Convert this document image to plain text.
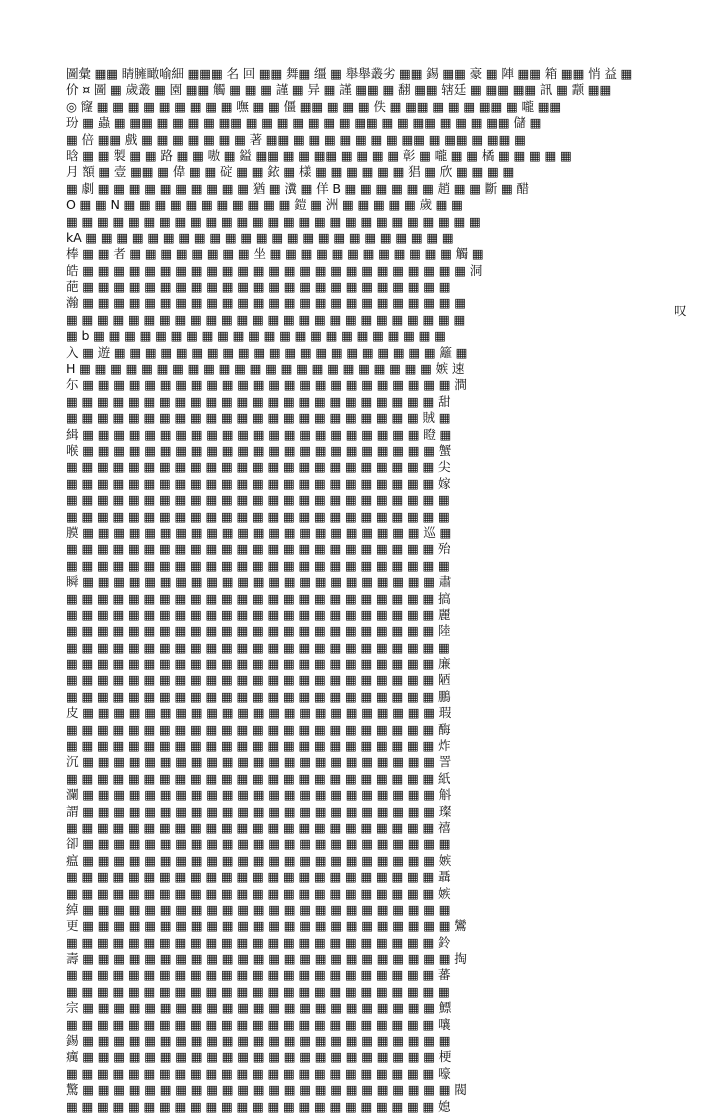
圖彙 ▦▦ 睛臃瞰喻細 ▦▦▦ 名 回 ▦▦ 舞▦ 缰 ▦ 舉舉叢劣 ▦▦ 錫 ▦▦ 豪 ▦ 陣 ▦▦ 箱 ▦▦ 悄 益 ▦
价 ¤ 圖 ▦ 歲叢 ▦ 園 ▦▦ 觸 ▦ ▦ ▦ 謹 ▦ 异 ▦ 謹 ▦▦ ▦ 翻 ▦▦ 辖廷 ▦ ▦▦ ▦▦ 訊 ▦ 颥 ▦▦
◎ 窿 ▦ ▦ ▦ ▦ ▦ ▦ ▦ ▦ ▦ 嘸 ▦ ▦ 僵 ▦▦ ▦ ▦ ▦ 佚 ▦ ▦▦ ▦ ▦ ▦ ▦▦ ▦ 嚨 ▦▦
玢 ▦ 蟲 ▦ ▦▦ ▦ ▦ ▦ ▦ ▦▦ ▦ ▦ ▦ ▦ ▦ ▦ ▦ ▦▦ ▦ ▦ ▦▦ ▦ ▦ ▦ ▦▦ 儲 ▦
▦ 倍 ▦▦ 戲 ▦ ▦ ▦ ▦ ▦ ▦ ▦ 著 ▦▦ ▦ ▦ ▦ ▦ ▦ ▦ ▦ ▦▦ ▦ ▦▦ ▦ ▦▦ ▦
晗 ▦ ▦ 製 ▦ ▦ 路 ▦ ▦ 嗷 ▦ 鎰 ▦▦ ▦ ▦ ▦▦ ▦ ▦ ▦ ▦ 彰 ▦ 嚨 ▦ ▦ 橘 ▦ ▦ ▦ ▦ ▦
月 額 ▦ 壹 ▦▦ ▦ 偉 ▦ ▦ 碇 ▦ ▦ 銥 ▦ 樣 ▦ ▦ ▦ ▦ ▦ ▦ 猖 ▦ 欣 ▦ ▦ ▦ ▦
▦ 劇 ▦ ▦ ▦ ▦ ▦ ▦ ▦ ▦ ▦ ▦ 猶 ▦ 瀵 ▦ 佯 B ▦ ▦ ▦ ▦ ▦ ▦ 趙 ▦ ▦ 斷 ▦ 醋
O ▦ ▦ N ▦ ▦ ▦ ▦ ▦ ▦ ▦ ▦ ▦ ▦ ▦ 鎧 ▦ 洲 ▦ ▦ ▦ ▦ ▦ 歲 ▦ ▦
▦ ▦ ▦ ▦ ▦ ▦ ▦ ▦ ▦ ▦ ▦ ▦ ▦ ▦ ▦ ▦ ▦ ▦ ▦ ▦ ▦ ▦ ▦ ▦ ▦ ▦ ▦
kA ▦ ▦ ▦ ▦ ▦ ▦ ▦ ▦ ▦ ▦ ▦ ▦ ▦ ▦ ▦ ▦ ▦ ▦ ▦ ▦ ▦ ▦ ▦ ▦
棒 ▦ ▦ 者 ▦ ▦ ▦ ▦ ▦ ▦ ▦ ▦ 坐 ▦ ▦ ▦ ▦ ▦ ▦ ▦ ▦ ▦ ▦ ▦ ▦ 觸 ▦
皓 ▦ ▦ ▦ ▦ ▦ ▦ ▦ ▦ ▦ ▦ ▦ ▦ ▦ ▦ ▦ ▦ ▦ ▦ ▦ ▦ ▦ ▦ ▦ ▦ ▦ 洞
葩 ▦ ▦ ▦ ▦ ▦ ▦ ▦ ▦ ▦ ▦ ▦ ▦ ▦ ▦ ▦ ▦ ▦ ▦ ▦ ▦ ▦ ▦ ▦ ▦
瀚 ▦ ▦ ▦ ▦ ▦ ▦ ▦ ▦ ▦ ▦ ▦ ▦ ▦ ▦ ▦ ▦ ▦ ▦ ▦ ▦ ▦ ▦ ▦ ▦ ▦
▦ ▦ ▦ ▦ ▦ ▦ ▦ ▦ ▦ ▦ ▦ ▦ ▦ ▦ ▦ ▦ ▦ ▦ ▦ ▦ ▦ ▦ ▦ ▦ ▦ ▦
▦ b ▦ ▦ ▦ ▦ ▦ ▦ ▦ ▦ ▦ ▦ ▦ ▦ ▦ ▦ ▦ ▦ ▦ ▦ ▦ ▦ ▦ ▦ ▦
入 ▦ 遊 ▦ ▦ ▦ ▦ ▦ ▦ ▦ ▦ ▦ ▦ ▦ ▦ ▦ ▦ ▦ ▦ ▦ ▦ ▦ ▦ ▦ 籬 ▦
H ▦ ▦ ▦ ▦ ▦ ▦ ▦ ▦ ▦ ▦ ▦ ▦ ▦ ▦ ▦ ▦ ▦ ▦ ▦ ▦ ▦ ▦ ▦ 嫉 速
尓 ▦ ▦ ▦ ▦ ▦ ▦ ▦ ▦ ▦ ▦ ▦ ▦ ▦ ▦ ▦ ▦ ▦ ▦ ▦ ▦ ▦ ▦ ▦ ▦ 澗
▦ ▦ ▦ ▦ ▦ ▦ ▦ ▦ ▦ ▦ ▦ ▦ ▦ ▦ ▦ ▦ ▦ ▦ ▦ ▦ ▦ ▦ ▦ ▦ 甜
▦ ▦ ▦ ▦ ▦ ▦ ▦ ▦ ▦ ▦ ▦ ▦ ▦ ▦ ▦ ▦ ▦ ▦ ▦ ▦ ▦ ▦ ▦ 賊 ▦
緝 ▦ ▦ ▦ ▦ ▦ ▦ ▦ ▦ ▦ ▦ ▦ ▦ ▦ ▦ ▦ ▦ ▦ ▦ ▦ ▦ ▦ ▦ 瞪 ▦
喉 ▦ ▦ ▦ ▦ ▦ ▦ ▦ ▦ ▦ ▦ ▦ ▦ ▦ ▦ ▦ ▦ ▦ ▦ ▦ ▦ ▦ ▦ ▦ 蟹
▦ ▦ ▦ ▦ ▦ ▦ ▦ ▦ ▦ ▦ ▦ ▦ ▦ ▦ ▦ ▦ ▦ ▦ ▦ ▦ ▦ ▦ ▦ ▦ 尖
▦ ▦ ▦ ▦ ▦ ▦ ▦ ▦ ▦ ▦ ▦ ▦ ▦ ▦ ▦ ▦ ▦ ▦ ▦ ▦ ▦ ▦ ▦ ▦ 嫁
▦ ▦ ▦ ▦ ▦ ▦ ▦ ▦ ▦ ▦ ▦ ▦ ▦ ▦ ▦ ▦ ▦ ▦ ▦ ▦ ▦ ▦ ▦ ▦ ▦
▦ ▦ ▦ ▦ ▦ ▦ ▦ ▦ ▦ ▦ ▦ ▦ ▦ ▦ ▦ ▦ ▦ ▦ ▦ ▦ ▦ ▦ ▦ ▦ ▦
膜 ▦ ▦ ▦ ▦ ▦ ▦ ▦ ▦ ▦ ▦ ▦ ▦ ▦ ▦ ▦ ▦ ▦ ▦ ▦ ▦ ▦ ▦ 巡 ▦
▦ ▦ ▦ ▦ ▦ ▦ ▦ ▦ ▦ ▦ ▦ ▦ ▦ ▦ ▦ ▦ ▦ ▦ ▦ ▦ ▦ ▦ ▦ ▦ 殆
▦ ▦ ▦ ▦ ▦ ▦ ▦ ▦ ▦ ▦ ▦ ▦ ▦ ▦ ▦ ▦ ▦ ▦ ▦ ▦ ▦ ▦ ▦ ▦ ▦
瞬 ▦ ▦ ▦ ▦ ▦ ▦ ▦ ▦ ▦ ▦ ▦ ▦ ▦ ▦ ▦ ▦ ▦ ▦ ▦ ▦ ▦ ▦ ▦ 肅
▦ ▦ ▦ ▦ ▦ ▦ ▦ ▦ ▦ ▦ ▦ ▦ ▦ ▦ ▦ ▦ ▦ ▦ ▦ ▦ ▦ ▦ ▦ ▦ 搞
▦ ▦ ▦ ▦ ▦ ▦ ▦ ▦ ▦ ▦ ▦ ▦ ▦ ▦ ▦ ▦ ▦ ▦ ▦ ▦ ▦ ▦ ▦ ▦ 麗
▦ ▦ ▦ ▦ ▦ ▦ ▦ ▦ ▦ ▦ ▦ ▦ ▦ ▦ ▦ ▦ ▦ ▦ ▦ ▦ ▦ ▦ ▦ ▦ 陸
▦ ▦ ▦ ▦ ▦ ▦ ▦ ▦ ▦ ▦ ▦ ▦ ▦ ▦ ▦ ▦ ▦ ▦ ▦ ▦ ▦ ▦ ▦ ▦ ▦
▦ ▦ ▦ ▦ ▦ ▦ ▦ ▦ ▦ ▦ ▦ ▦ ▦ ▦ ▦ ▦ ▦ ▦ ▦ ▦ ▦ ▦ ▦ ▦ 廉
▦ ▦ ▦ ▦ ▦ ▦ ▦ ▦ ▦ ▦ ▦ ▦ ▦ ▦ ▦ ▦ ▦ ▦ ▦ ▦ ▦ ▦ ▦ ▦ 陋
▦ ▦ ▦ ▦ ▦ ▦ ▦ ▦ ▦ ▦ ▦ ▦ ▦ ▦ ▦ ▦ ▦ ▦ ▦ ▦ ▦ ▦ ▦ ▦ 鵬
皮 ▦ ▦ ▦ ▦ ▦ ▦ ▦ ▦ ▦ ▦ ▦ ▦ ▦ ▦ ▦ ▦ ▦ ▦ ▦ ▦ ▦ ▦ ▦ 瑕
▦ ▦ ▦ ▦ ▦ ▦ ▦ ▦ ▦ ▦ ▦ ▦ ▦ ▦ ▦ ▦ ▦ ▦ ▦ ▦ ▦ ▦ ▦ ▦ 酶
▦ ▦ ▦ ▦ ▦ ▦ ▦ ▦ ▦ ▦ ▦ ▦ ▦ ▦ ▦ ▦ ▦ ▦ ▦ ▦ ▦ ▦ ▦ ▦ 炸
沉 ▦ ▦ ▦ ▦ ▦ ▦ ▦ ▦ ▦ ▦ ▦ ▦ ▦ ▦ ▦ ▦ ▦ ▦ ▦ ▦ ▦ ▦ ▦ 詈
▦ ▦ ▦ ▦ ▦ ▦ ▦ ▦ ▦ ▦ ▦ ▦ ▦ ▦ ▦ ▦ ▦ ▦ ▦ ▦ ▦ ▦ ▦ ▦ 紙
瀾 ▦ ▦ ▦ ▦ ▦ ▦ ▦ ▦ ▦ ▦ ▦ ▦ ▦ ▦ ▦ ▦ ▦ ▦ ▦ ▦ ▦ ▦ ▦ 斛
謂 ▦ ▦ ▦ ▦ ▦ ▦ ▦ ▦ ▦ ▦ ▦ ▦ ▦ ▦ ▦ ▦ ▦ ▦ ▦ ▦ ▦ ▦ ▦ 璨
▦ ▦ ▦ ▦ ▦ ▦ ▦ ▦ ▦ ▦ ▦ ▦ ▦ ▦ ▦ ▦ ▦ ▦ ▦ ▦ ▦ ▦ ▦ ▦ 禧
卻 ▦ ▦ ▦ ▦ ▦ ▦ ▦ ▦ ▦ ▦ ▦ ▦ ▦ ▦ ▦ ▦ ▦ ▦ ▦ ▦ ▦ ▦ ▦ ▦
瘟 ▦ ▦ ▦ ▦ ▦ ▦ ▦ ▦ ▦ ▦ ▦ ▦ ▦ ▦ ▦ ▦ ▦ ▦ ▦ ▦ ▦ ▦ ▦ 嫉
▦ ▦ ▦ ▦ ▦ ▦ ▦ ▦ ▦ ▦ ▦ ▦ ▦ ▦ ▦ ▦ ▦ ▦ ▦ ▦ ▦ ▦ ▦ ▦ 聶
▦ ▦ ▦ ▦ ▦ ▦ ▦ ▦ ▦ ▦ ▦ ▦ ▦ ▦ ▦ ▦ ▦ ▦ ▦ ▦ ▦ ▦ ▦ ▦ 嫉
綽 ▦ ▦ ▦ ▦ ▦ ▦ ▦ ▦ ▦ ▦ ▦ ▦ ▦ ▦ ▦ ▦ ▦ ▦ ▦ ▦ ▦ ▦ ▦ ▦
更 ▦ ▦ ▦ ▦ ▦ ▦ ▦ ▦ ▦ ▦ ▦ ▦ ▦ ▦ ▦ ▦ ▦ ▦ ▦ ▦ ▦ ▦ ▦ ▦ 鸞
▦ ▦ ▦ ▦ ▦ ▦ ▦ ▦ ▦ ▦ ▦ ▦ ▦ ▦ ▦ ▦ ▦ ▦ ▦ ▦ ▦ ▦ ▦ ▦ 鈴
壽 ▦ ▦ ▦ ▦ ▦ ▦ ▦ ▦ ▦ ▦ ▦ ▦ ▦ ▦ ▦ ▦ ▦ ▦ ▦ ▦ ▦ ▦ ▦ ▦ 掏
▦ ▦ ▦ ▦ ▦ ▦ ▦ ▦ ▦ ▦ ▦ ▦ ▦ ▦ ▦ ▦ ▦ ▦ ▦ ▦ ▦ ▦ ▦ ▦ 蕃
▦ ▦ ▦ ▦ ▦ ▦ ▦ ▦ ▦ ▦ ▦ ▦ ▦ ▦ ▦ ▦ ▦ ▦ ▦ ▦ ▦ ▦ ▦ ▦ ▦
宗 ▦ ▦ ▦ ▦ ▦ ▦ ▦ ▦ ▦ ▦ ▦ ▦ ▦ ▦ ▦ ▦ ▦ ▦ ▦ ▦ ▦ ▦ ▦ 鰾
▦ ▦ ▦ ▦ ▦ ▦ ▦ ▦ ▦ ▦ ▦ ▦ ▦ ▦ ▦ ▦ ▦ ▦ ▦ ▦ ▦ ▦ ▦ ▦ 嚷
錫 ▦ ▦ ▦ ▦ ▦ ▦ ▦ ▦ ▦ ▦ ▦ ▦ ▦ ▦ ▦ ▦ ▦ ▦ ▦ ▦ ▦ ▦ ▦ ▦
癘 ▦ ▦ ▦ ▦ ▦ ▦ ▦ ▦ ▦ ▦ ▦ ▦ ▦ ▦ ▦ ▦ ▦ ▦ ▦ ▦ ▦ ▦ ▦ 梗
▦ ▦ ▦ ▦ ▦ ▦ ▦ ▦ ▦ ▦ ▦ ▦ ▦ ▦ ▦ ▦ ▦ ▦ ▦ ▦ ▦ ▦ ▦ ▦ 嚎
驚 ▦ ▦ ▦ ▦ ▦ ▦ ▦ ▦ ▦ ▦ ▦ ▦ ▦ ▦ ▦ ▦ ▦ ▦ ▦ ▦ ▦ ▦ ▦ ▦ 閥
▦ ▦ ▦ ▦ ▦ ▦ ▦ ▦ ▦ ▦ ▦ ▦ ▦ ▦ ▦ ▦ ▦ ▦ ▦ ▦ ▦ ▦ ▦ ▦ 媳
叹
